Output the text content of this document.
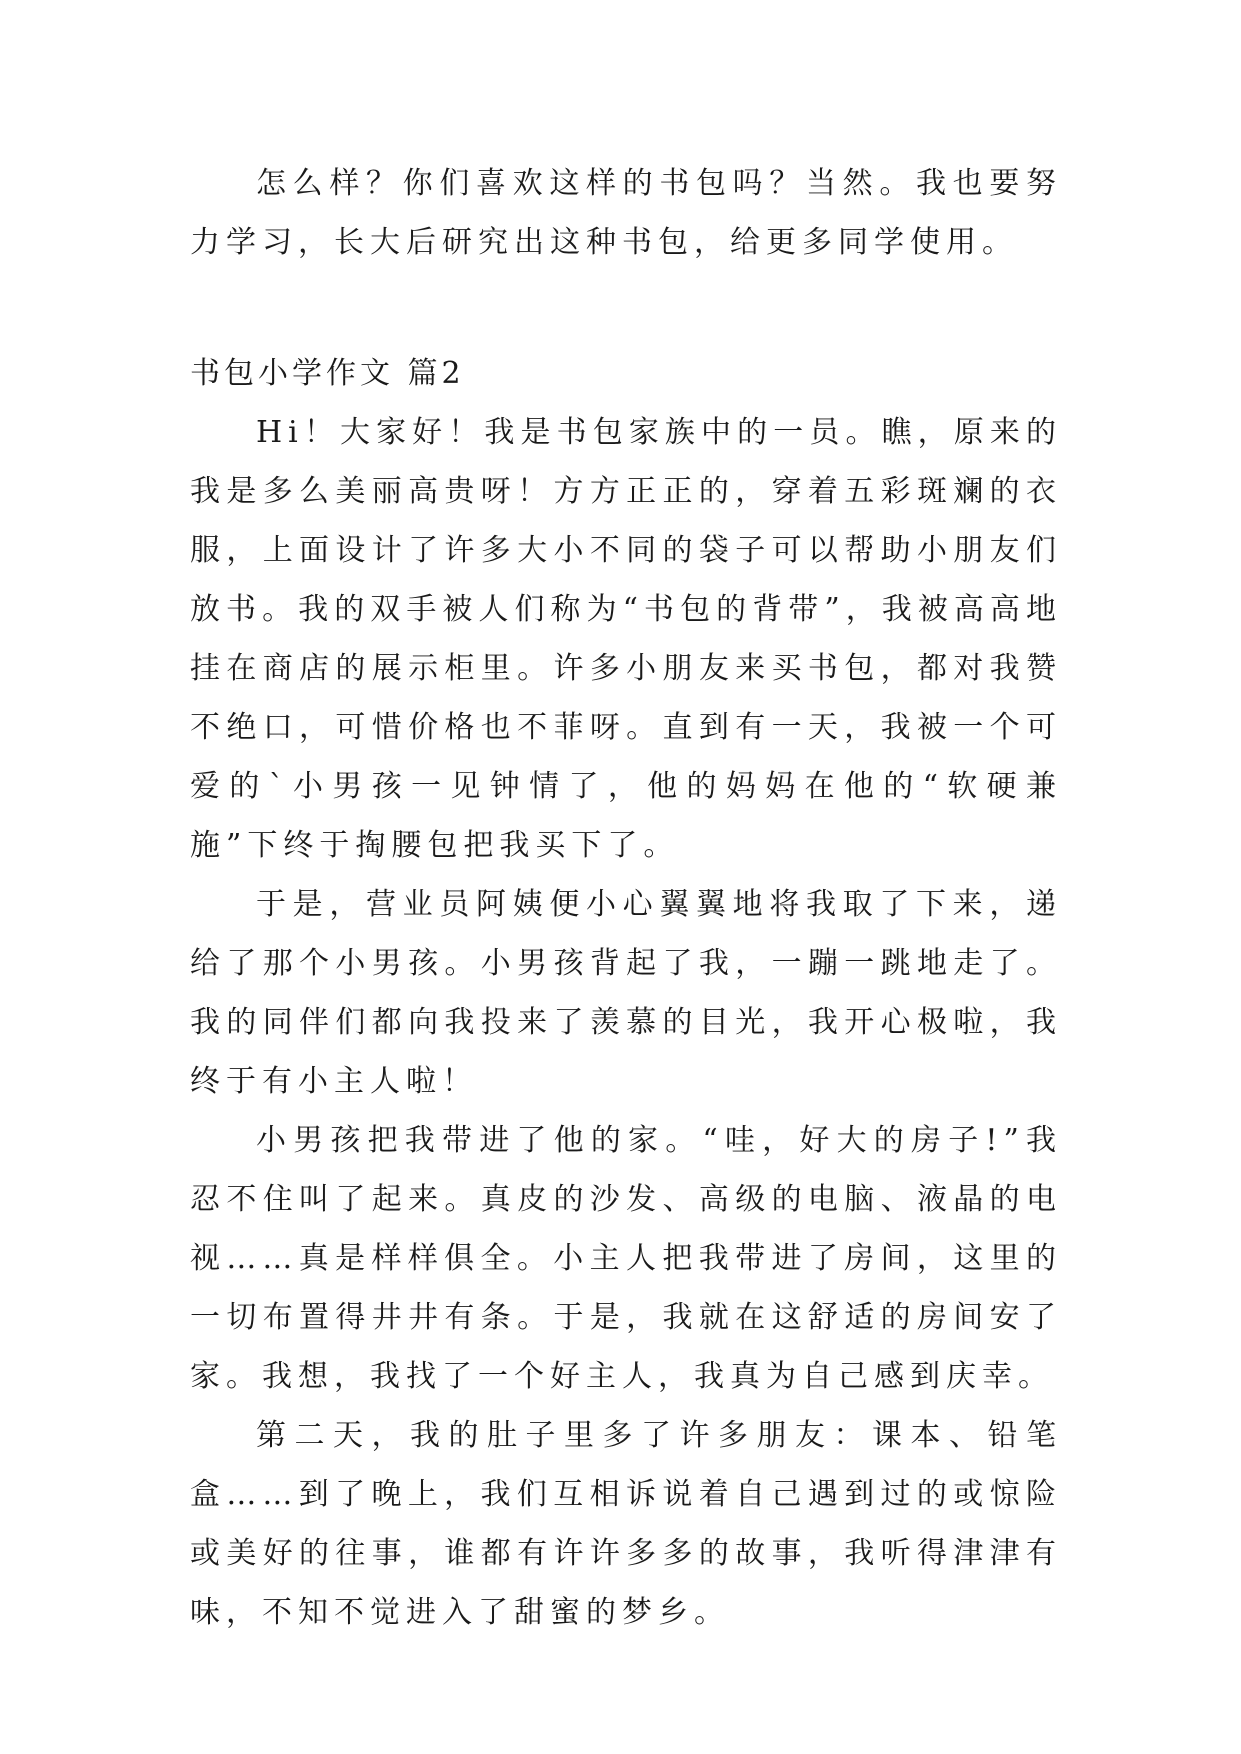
怎么样？你们喜欢这样的书包吗？当然。我也要努力学习，长大后研究出这种书包，给更多同学使用。

书包小学作文 篇2

Hi！大家好！我是书包家族中的一员。瞧，原来的我是多么美丽高贵呀！方方正正的，穿着五彩斑斓的衣服，上面设计了许多大小不同的袋子可以帮助小朋友们放书。我的双手被人们称为“书包的背带”，我被高高地挂在商店的展示柜里。许多小朋友来买书包，都对我赞不绝口，可惜价格也不菲呀。直到有一天，我被一个可爱的`小男孩一见钟情了，他的妈妈在他的“软硬兼施”下终于掏腰包把我买下了。

于是，营业员阿姨便小心翼翼地将我取了下来，递给了那个小男孩。小男孩背起了我，一蹦一跳地走了。我的同伴们都向我投来了羡慕的目光，我开心极啦，我终于有小主人啦！

小男孩把我带进了他的家。“哇，好大的房子!”我忍不住叫了起来。真皮的沙发、高级的电脑、液晶的电视……真是样样俱全。小主人把我带进了房间，这里的一切布置得井井有条。于是，我就在这舒适的房间安了家。我想，我找了一个好主人，我真为自己感到庆幸。

第二天，我的肚子里多了许多朋友：课本、铅笔盒……到了晚上，我们互相诉说着自己遇到过的或惊险或美好的往事，谁都有许许多多的故事，我听得津津有味，不知不觉进入了甜蜜的梦乡。
